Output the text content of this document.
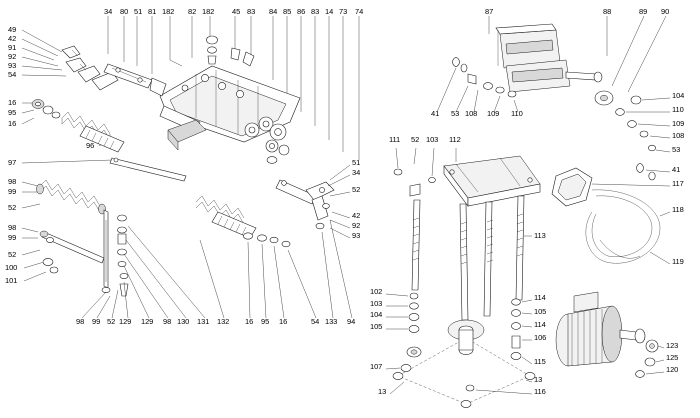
34 80 51 81 182 82 182 45 83 84 85 86 83 14 73 74	87	88	89 90
49
42
91
92
93
54
16
95
16
96
97
98
99
52
98
99
52
100
101
98 99 52 129 129 98 130 131 132 16 95 16	54 133 94
51
34
52
42
92
93
41 53 108 109 110
104
110
109
108
53
41
117
118
119
111 52 103 112
113
102
103
104
105
107
13
114
105
114
106
115
13
116
123
125
120
